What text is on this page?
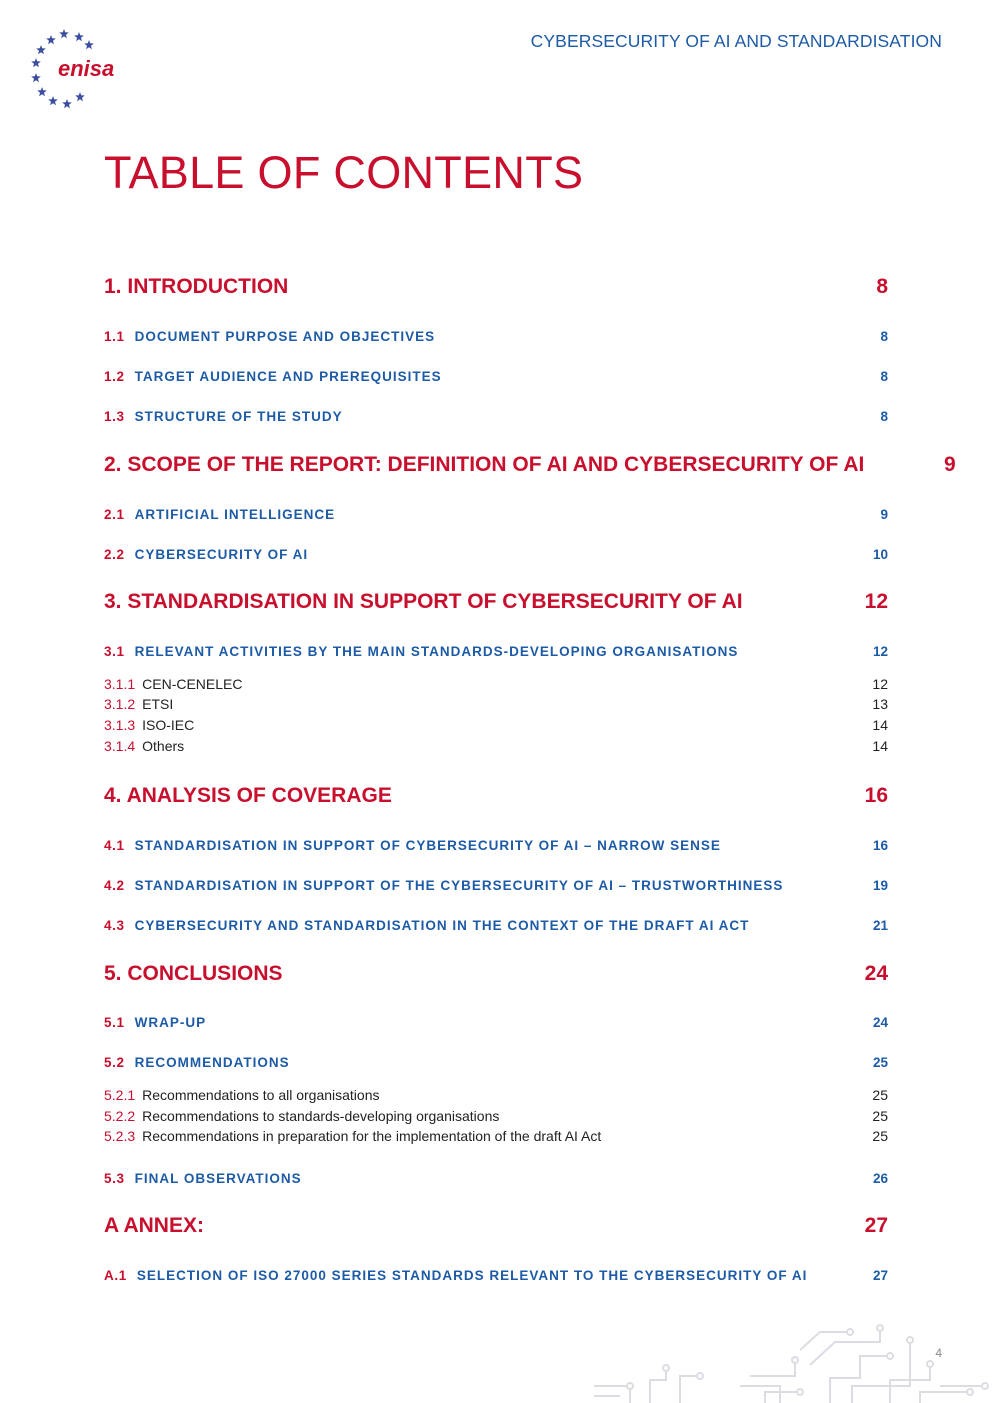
enisa
CYBERSECURITY OF AI AND STANDARDISATION
TABLE OF CONTENTS
1. INTRODUCTION	8
1.1 DOCUMENT PURPOSE AND OBJECTIVES	8
1.2 TARGET AUDIENCE AND PREREQUISITES	8
1.3 STRUCTURE OF THE STUDY	8
2. SCOPE OF THE REPORT: DEFINITION OF AI AND CYBERSECURITY OF AI	9
2.1 ARTIFICIAL INTELLIGENCE	9
2.2 CYBERSECURITY OF AI	10
3. STANDARDISATION IN SUPPORT OF CYBERSECURITY OF AI	12
3.1 RELEVANT ACTIVITIES BY THE MAIN STANDARDS-DEVELOPING ORGANISATIONS	12
3.1.1 CEN-CENELEC	12
3.1.2 ETSI	13
3.1.3 ISO-IEC	14
3.1.4 Others	14
4. ANALYSIS OF COVERAGE	16
4.1 STANDARDISATION IN SUPPORT OF CYBERSECURITY OF AI – NARROW SENSE	16
4.2 STANDARDISATION IN SUPPORT OF THE CYBERSECURITY OF AI – TRUSTWORTHINESS	19
4.3 CYBERSECURITY AND STANDARDISATION IN THE CONTEXT OF THE DRAFT AI ACT	21
5. CONCLUSIONS	24
5.1 WRAP-UP	24
5.2 RECOMMENDATIONS	25
5.2.1 Recommendations to all organisations	25
5.2.2 Recommendations to standards-developing organisations	25
5.2.3 Recommendations in preparation for the implementation of the draft AI Act	25
5.3 FINAL OBSERVATIONS	26
A ANNEX:	27
A.1 SELECTION OF ISO 27000 SERIES STANDARDS RELEVANT TO THE CYBERSECURITY OF AI	27
4
